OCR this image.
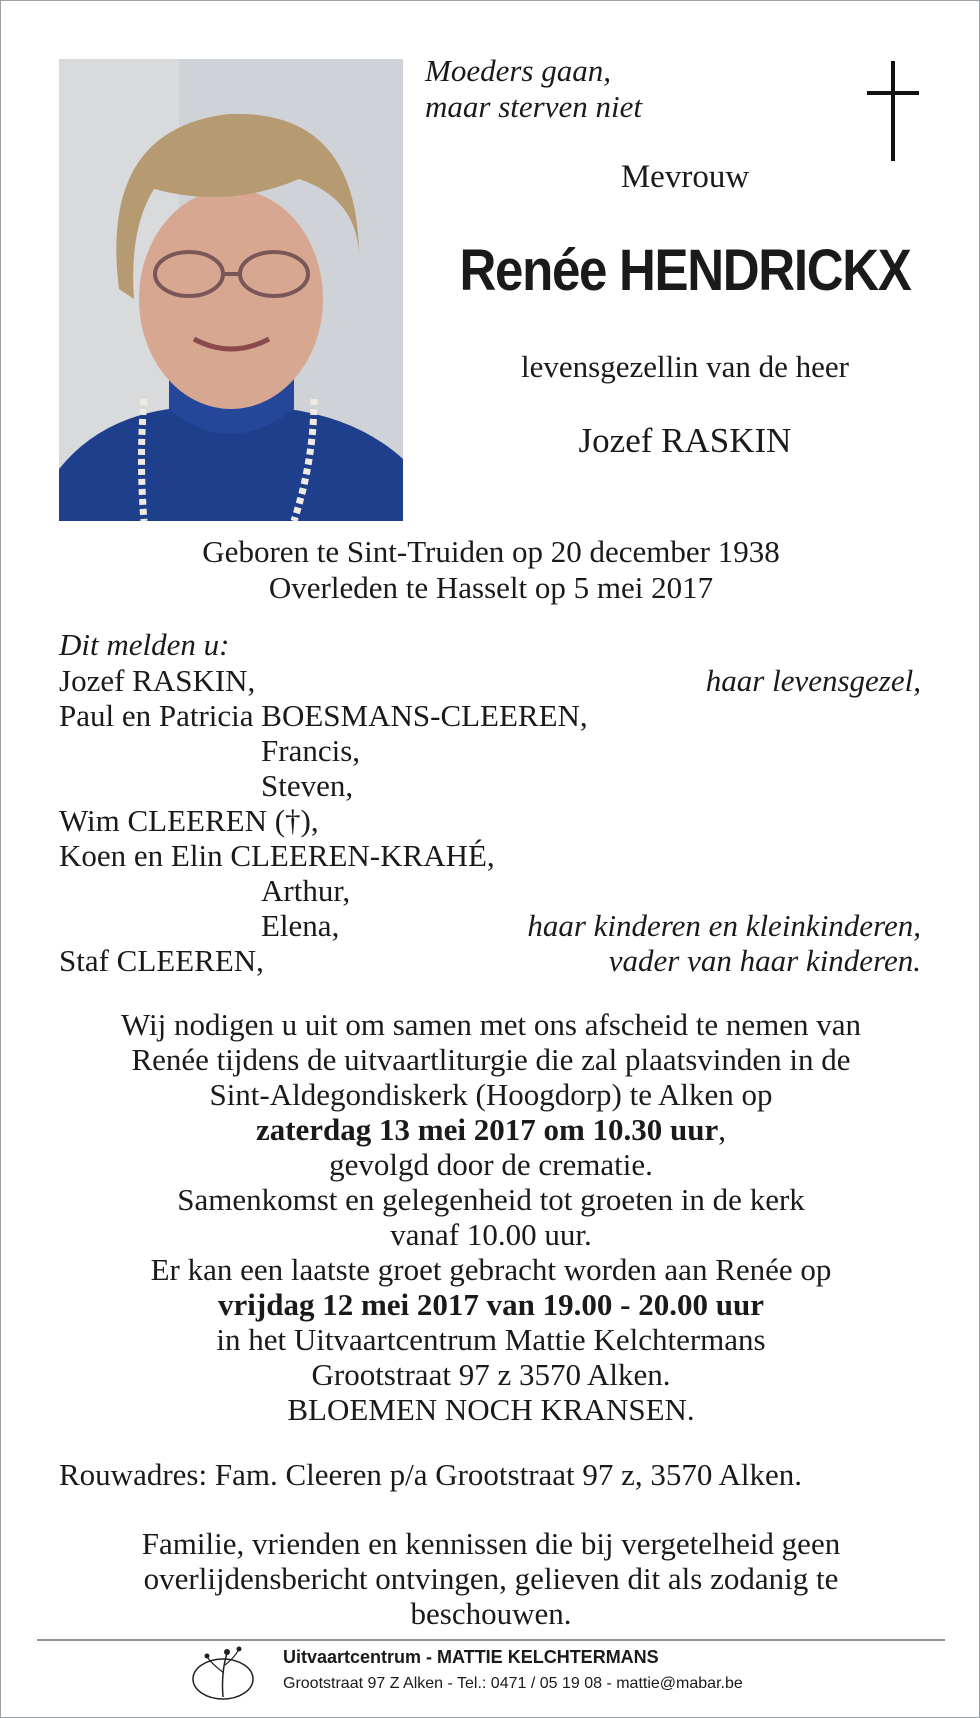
Moeders gaan,
maar sterven niet
Mevrouw
Renée HENDRICKX
levensgezellin van de heer
Jozef RASKIN
Geboren te Sint-Truiden op 20 december 1938
Overleden te Hasselt op 5 mei 2017
Dit melden u:
Jozef RASKIN,	haar levensgezel,
Paul en Patricia BOESMANS-CLEEREN,
Francis,
Steven,
Wim CLEEREN (†),
Koen en Elin CLEEREN-KRAHÉ,
Arthur,
Elena,	haar kinderen en kleinkinderen,
Staf CLEEREN,	vader van haar kinderen.
Wij nodigen u uit om samen met ons afscheid te nemen van
Renée tijdens de uitvaartliturgie die zal plaatsvinden in de
Sint-Aldegondiskerk (Hoogdorp) te Alken op
zaterdag 13 mei 2017 om 10.30 uur,
gevolgd door de crematie.
Samenkomst en gelegenheid tot groeten in de kerk
vanaf 10.00 uur.
Er kan een laatste groet gebracht worden aan Renée op
vrijdag 12 mei 2017 van 19.00 - 20.00 uur
in het Uitvaartcentrum Mattie Kelchtermans
Grootstraat 97 z 3570 Alken.
BLOEMEN NOCH KRANSEN.
Rouwadres: Fam. Cleeren p/a Grootstraat 97 z, 3570 Alken.
Familie, vrienden en kennissen die bij vergetelheid geen
overlijdensbericht ontvingen, gelieven dit als zodanig te
beschouwen.
Uitvaartcentrum - MATTIE KELCHTERMANS
Grootstraat 97 Z Alken - Tel.: 0471 / 05 19 08 - mattie@mabar.be
